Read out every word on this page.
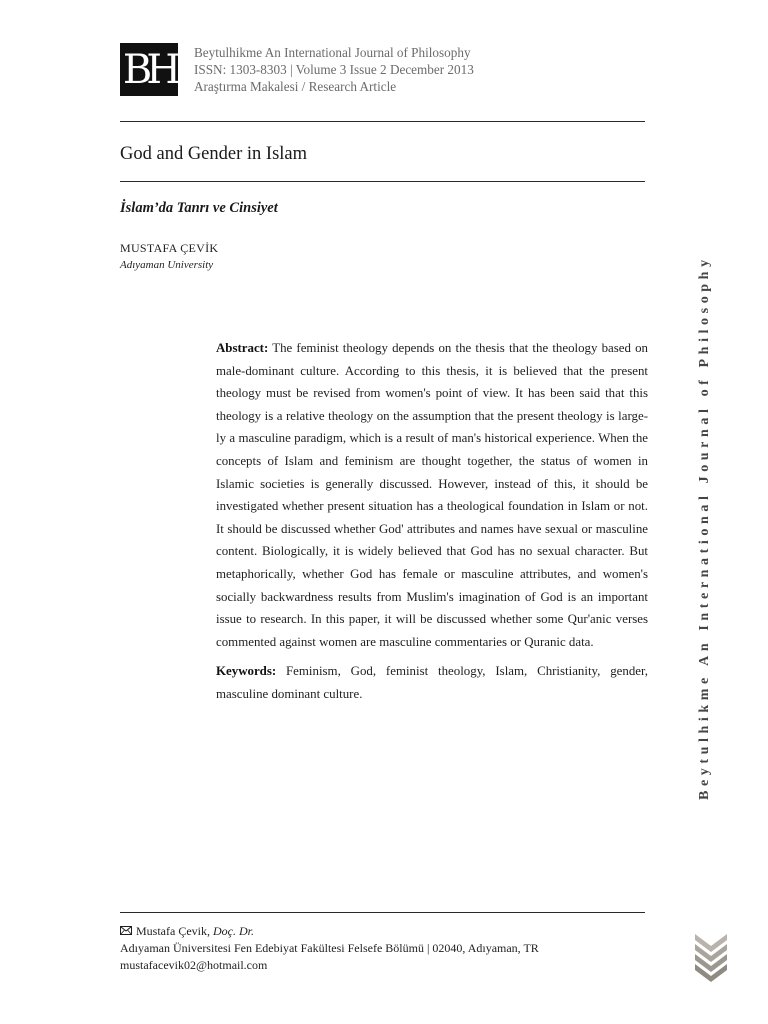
BH Beytulhikme An International Journal of Philosophy
ISSN: 1303-8303 | Volume 3 Issue 2 December 2013
Araştırma Makalesi / Research Article
God and Gender in Islam
İslam’da Tanrı ve Cinsiyet
MUSTAFA ÇEVİK
Adıyaman University

Abstract: The feminist theology depends on the thesis that the theology based on male-dominant culture. According to this thesis, it is believed that the present theology must be revised from women's point of view. It has been said that this theology is a relative theology on the assumption that the present theology is largely a masculine paradigm, which is a result of man's historical experience. When the concepts of Islam and feminism are thought together, the status of women in Islamic societies is generally discussed. However, instead of this, it should be investigated whether present situation has a theological foundation in Islam or not. It should be discussed whether God' attributes and names have sexual or masculine content. Biologically, it is widely believed that God has no sexual character. But metaphorically, whether God has female or masculine attributes, and women's socially backwardness results from Muslim's imagination of God is an important issue to research. In this paper, it will be discussed whether some Qur'anic verses commented against women are masculine commentaries or Quranic data.

Keywords: Feminism, God, feminist theology, Islam, Christianity, gender, masculine dominant culture.	Beytulhikme An International Journal of Philosophy
Mustafa Çevik, Doç. Dr.
Adıyaman Üniversitesi Fen Edebiyat Fakültesi Felsefe Bölümü | 02040, Adıyaman, TR
mustafacevik02@hotmail.com
